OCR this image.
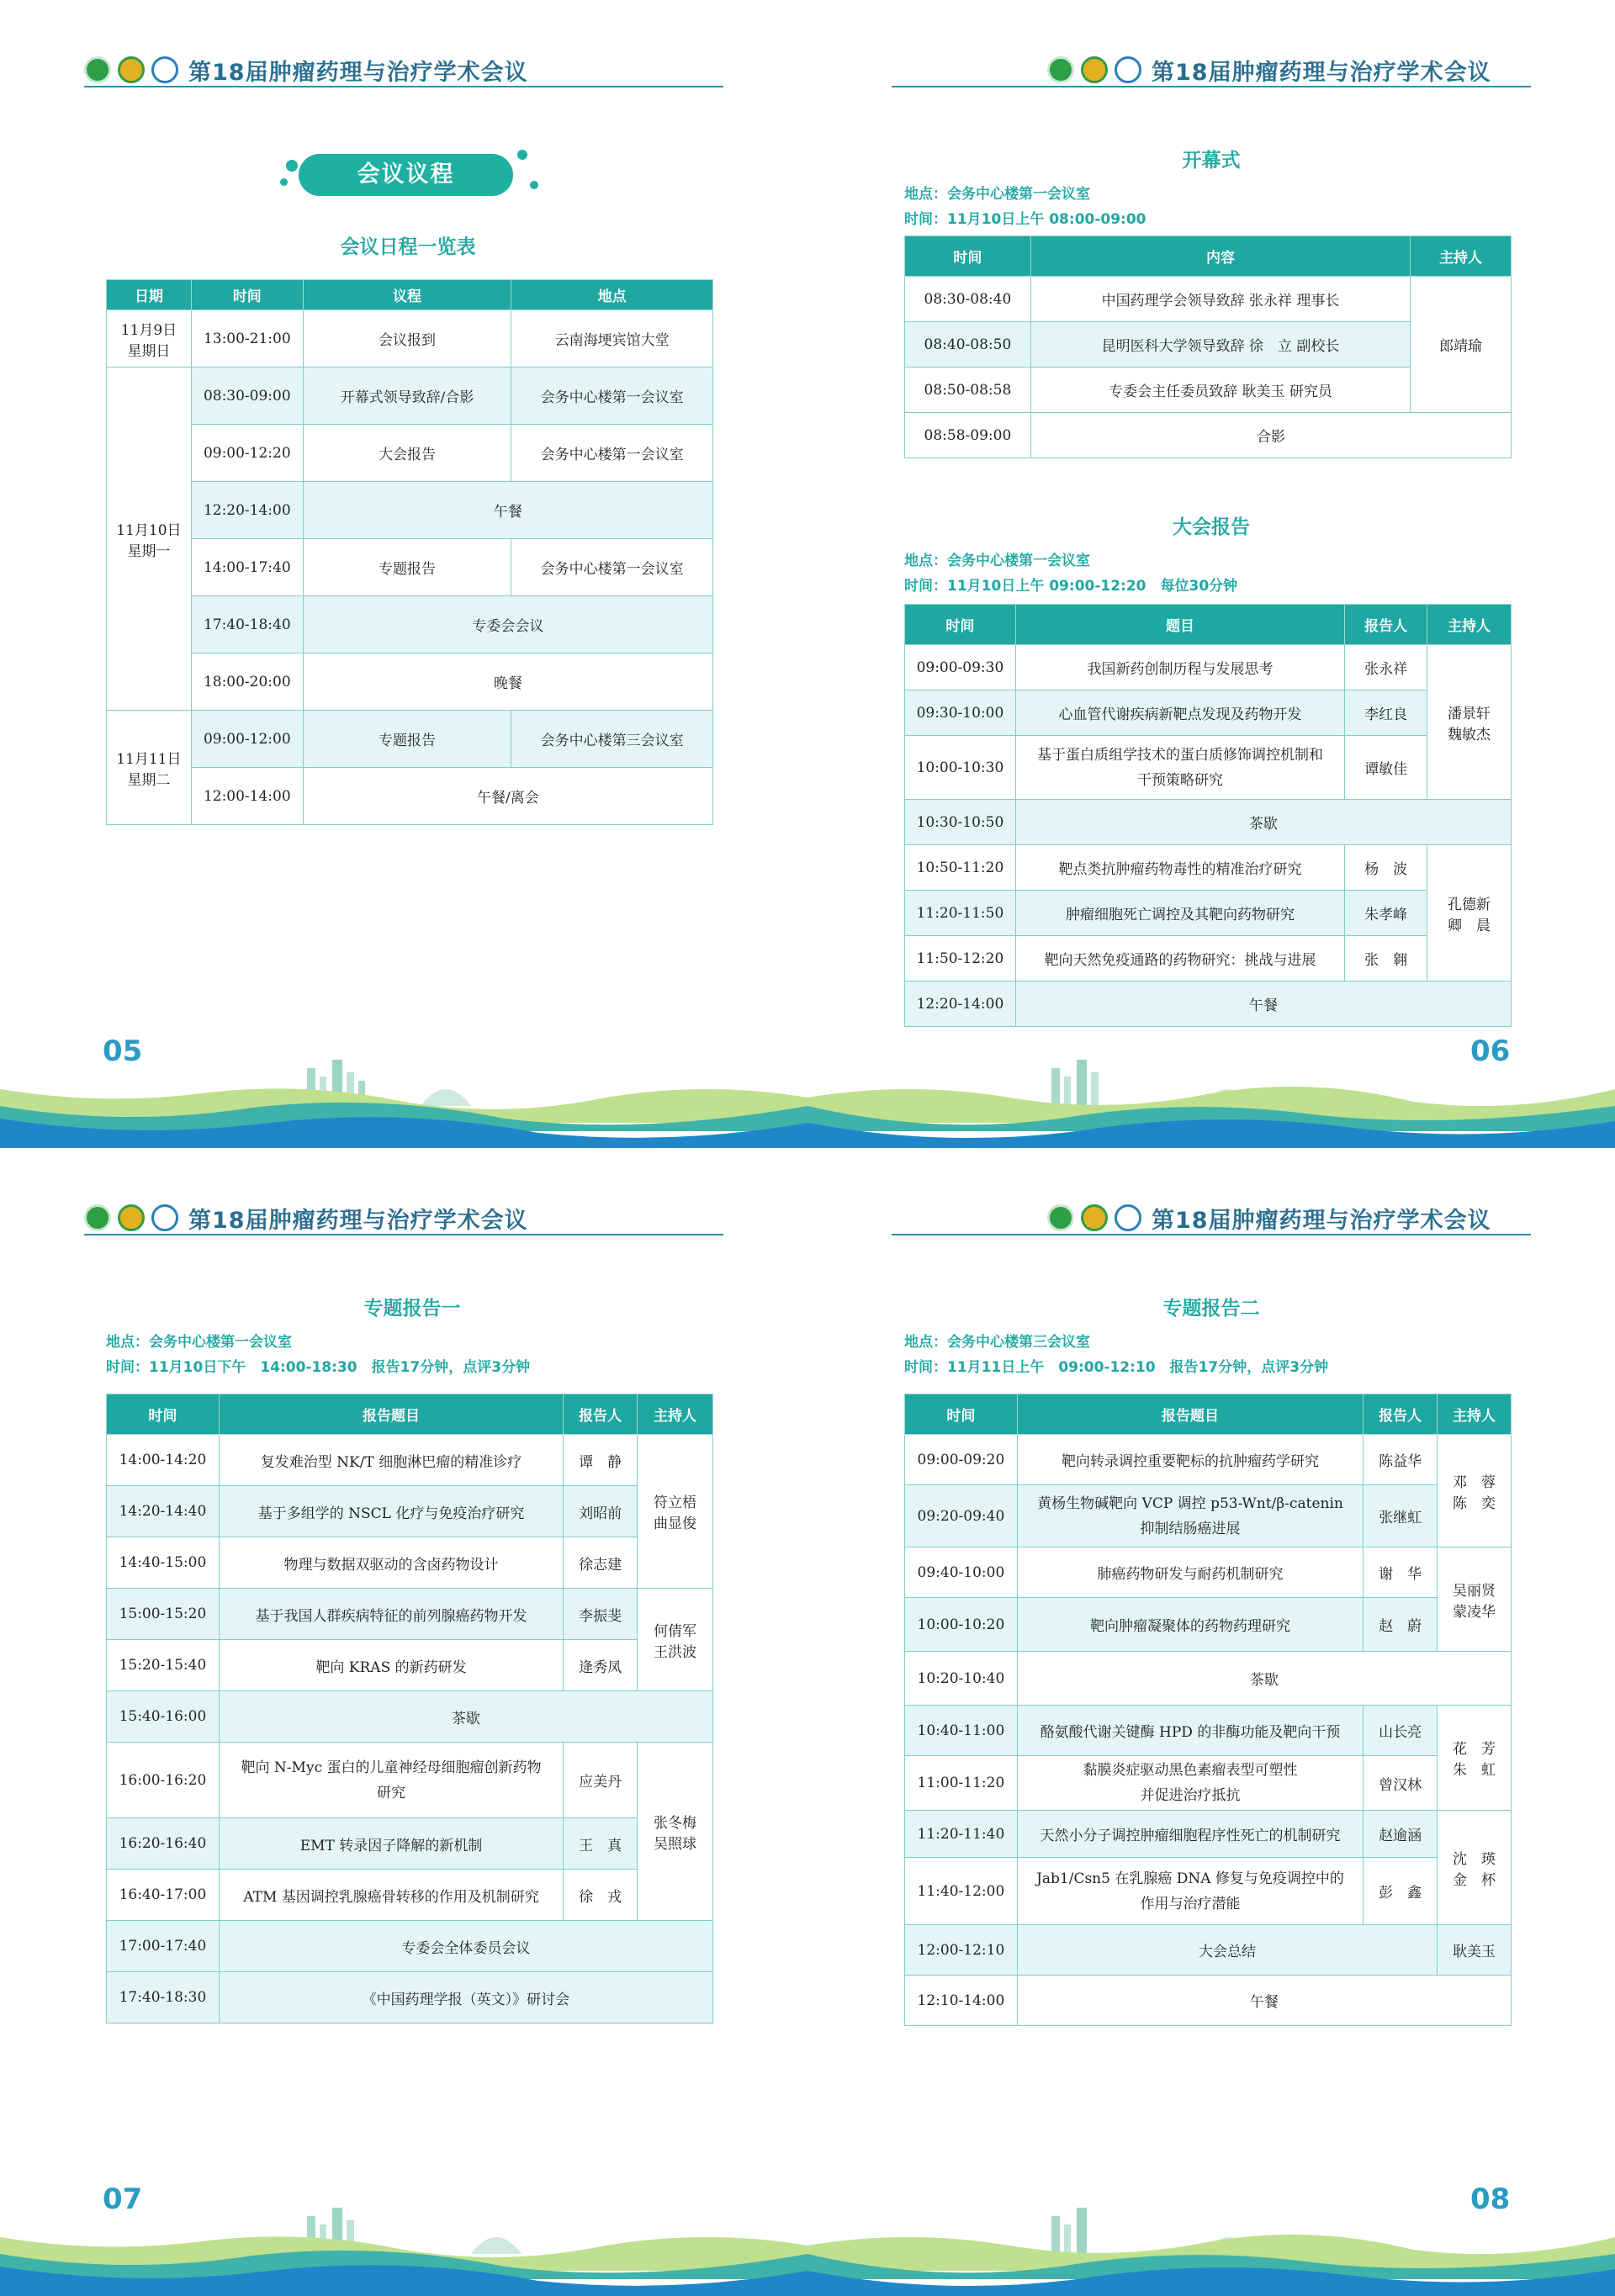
第18届肿瘤药理与治疗学术会议
会议议程
会议日程一览表
日期	时间	议程	地点
11月9日
星期日	13:00-21:00	会议报到	云南海埂宾馆大堂
11月10日
星期一	08:30-09:00	开幕式领导致辞/合影	会务中心楼第一会议室
	09:00-12:20	大会报告	会务中心楼第一会议室
	12:20-14:00	午餐	
	14:00-17:40	专题报告	会务中心楼第一会议室
	17:40-18:40	专委会会议	
	18:00-20:00	晚餐	
11月11日
星期二	09:00-12:00	专题报告	会务中心楼第三会议室
	12:00-14:00	午餐/离会	
05
第18届肿瘤药理与治疗学术会议
开幕式
地点：会务中心楼第一会议室
时间：11月10日上午 08:00-09:00
时间	内容	主持人
08:30-08:40	中国药理学会领导致辞 张永祥 理事长	郎靖瑜
08:40-08:50	昆明医科大学领导致辞 徐　立 副校长	
08:50-08:58	专委会主任委员致辞 耿美玉 研究员	
08:58-09:00	合影	
大会报告
地点：会务中心楼第一会议室
时间：11月10日上午 09:00-12:20　每位30分钟
时间	题目	报告人	主持人
09:00-09:30	我国新药创制历程与发展思考	张永祥	潘景轩
魏敏杰
09:30-10:00	心血管代谢疾病新靶点发现及药物开发	李红良	
10:00-10:30	基于蛋白质组学技术的蛋白质修饰调控机制和
干预策略研究	谭敏佳	
10:30-10:50	茶歇		
10:50-11:20	靶点类抗肿瘤药物毒性的精准治疗研究	杨　波	孔德新
卿　晨
11:20-11:50	肿瘤细胞死亡调控及其靶向药物研究	朱孝峰	
11:50-12:20	靶向天然免疫通路的药物研究：挑战与进展	张　翱	
12:20-14:00	午餐		
06
第18届肿瘤药理与治疗学术会议
专题报告一
地点：会务中心楼第一会议室
时间：11月10日下午　14:00-18:30　报告17分钟，点评3分钟
时间	报告题目	报告人	主持人
14:00-14:20	复发难治型 NK/T 细胞淋巴瘤的精准诊疗	谭　静	符立梧
曲显俊
14:20-14:40	基于多组学的 NSCL 化疗与免疫治疗研究	刘昭前	
14:40-15:00	物理与数据双驱动的含卤药物设计	徐志建	
15:00-15:20	基于我国人群疾病特征的前列腺癌药物开发	李振斐	何倩军
王洪波
15:20-15:40	靶向 KRAS 的新药研发	逄秀凤	
15:40-16:00	茶歇		
16:00-16:20	靶向 N-Myc 蛋白的儿童神经母细胞瘤创新药物
研究	应美丹	张冬梅
吴照球
16:20-16:40	EMT 转录因子降解的新机制	王　真	
16:40-17:00	ATM 基因调控乳腺癌骨转移的作用及机制研究	徐　戎	
17:00-17:40	专委会全体委员会议		
17:40-18:30	《中国药理学报（英文）》研讨会		
07
第18届肿瘤药理与治疗学术会议
专题报告二
地点：会务中心楼第三会议室
时间：11月11日上午　09:00-12:10　报告17分钟，点评3分钟
时间	报告题目	报告人	主持人
09:00-09:20	靶向转录调控重要靶标的抗肿瘤药学研究	陈益华	邓　蓉
陈　奕
09:20-09:40	黄杨生物碱靶向 VCP 调控 p53-Wnt/β-catenin
抑制结肠癌进展	张继虹	
09:40-10:00	肺癌药物研发与耐药机制研究	谢　华	吴丽贤
蒙凌华
10:00-10:20	靶向肿瘤凝聚体的药物药理研究	赵　蔚	
10:20-10:40	茶歇		
10:40-11:00	酪氨酸代谢关键酶 HPD 的非酶功能及靶向干预	山长亮	花　芳
朱　虹
11:00-11:20	黏膜炎症驱动黑色素瘤表型可塑性
并促进治疗抵抗	曾汉林	
11:20-11:40	天然小分子调控肿瘤细胞程序性死亡的机制研究	赵逾涵	沈　瑛
金　杯
11:40-12:00	Jab1/Csn5 在乳腺癌 DNA 修复与免疫调控中的
作用与治疗潜能	彭　鑫	
12:00-12:10	大会总结		耿美玉
12:10-14:00	午餐		
08
